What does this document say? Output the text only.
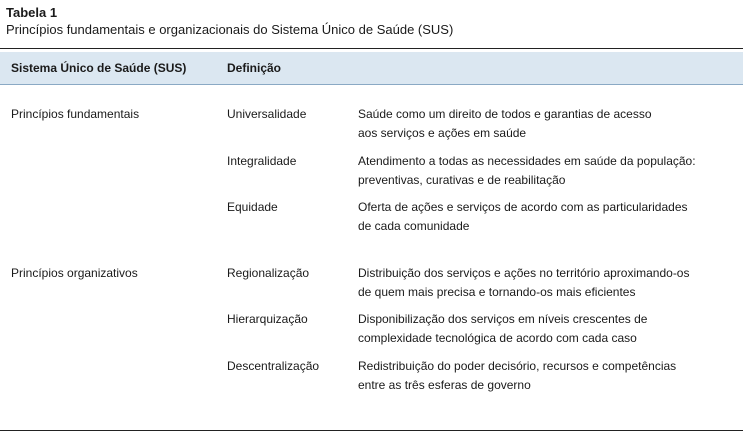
Tabela 1
Princípios fundamentais e organizacionais do Sistema Único de Saúde (SUS)
Sistema Único de Saúde (SUS)	Definição
Princípios fundamentais	Universalidade	Saúde como um direito de todos e garantias de acesso
aos serviços e ações em saúde
Integralidade	Atendimento a todas as necessidades em saúde da população:
preventivas, curativas e de reabilitação
Equidade	Oferta de ações e serviços de acordo com as particularidades
de cada comunidade
Princípios organizativos	Regionalização	Distribuição dos serviços e ações no território aproximando-os
de quem mais precisa e tornando-os mais eficientes
Hierarquização	Disponibilização dos serviços em níveis crescentes de
complexidade tecnológica de acordo com cada caso
Descentralização	Redistribuição do poder decisório, recursos e competências
entre as três esferas de governo
